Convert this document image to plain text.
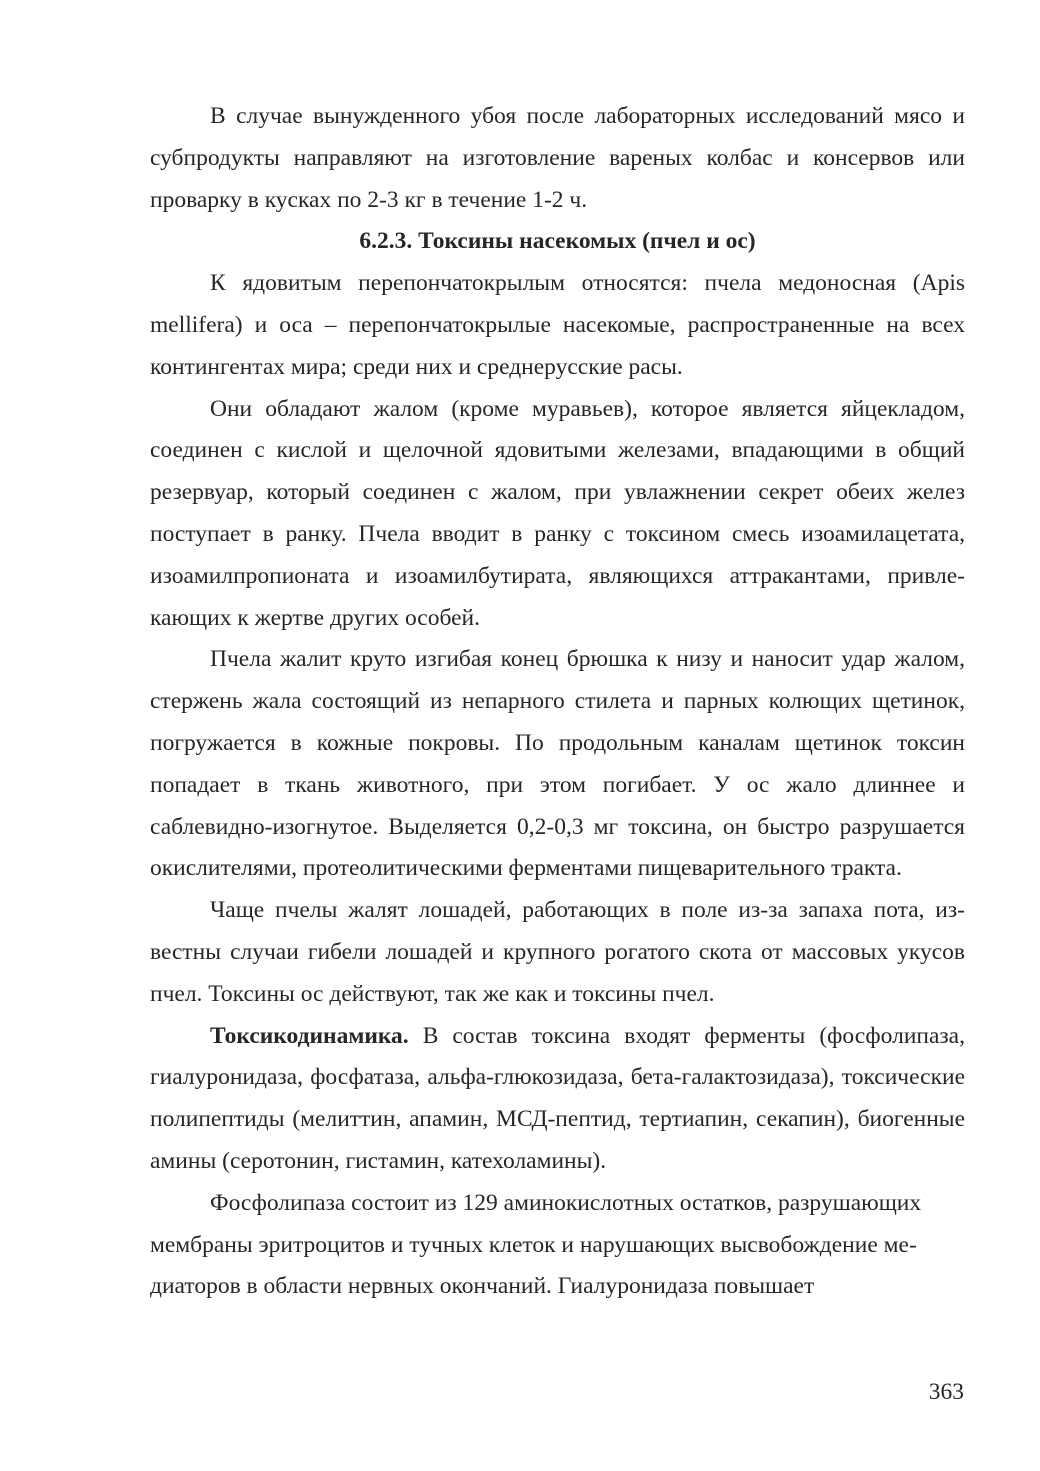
В случае вынужденного убоя после лабораторных исследований мясо и субпродукты направляют на изготовление вареных колбас и консервов или проварку в кусках по 2-3 кг в течение 1-2 ч.

6.2.3. Токсины насекомых (пчел и ос)

К ядовитым перепончатокрылым относятся: пчела медоносная (Apis mellifera) и оса – перепончатокрылые насекомые, распространенные на всех контингентах мира; среди них и среднерусские расы.

Они обладают жалом (кроме муравьев), которое является яйцекладом, соединен с кислой и щелочной ядовитыми железами, впадающими в общий резервуар, который соединен с жалом, при увлажнении секрет обеих желез поступает в ранку. Пчела вводит в ранку с токсином смесь изоамилацетата, изоамилпропионата и изоамилбутирата, являющихся аттракантами, привлекающих к жертве других особей.

Пчела жалит круто изгибая конец брюшка к низу и наносит удар жалом, стержень жала состоящий из непарного стилета и парных колющих щетинок, погружается в кожные покровы. По продольным каналам щетинок токсин попадает в ткань животного, при этом погибает. У ос жало длиннее и саблевидно-изогнутое. Выделяется 0,2-0,3 мг токсина, он быстро разрушается окислителями, протеолитическими ферментами пищеварительного тракта.

Чаще пчелы жалят лошадей, работающих в поле из-за запаха пота, известны случаи гибели лошадей и крупного рогатого скота от массовых укусов пчел. Токсины ос действуют, так же как и токсины пчел.

Токсикодинамика. В состав токсина входят ферменты (фосфолипаза, гиалуронидаза, фосфатаза, альфа-глюкозидаза, бета-галактозидаза), токсические полипептиды (мелиттин, апамин, МСД-пептид, тертиапин, секапин), биогенные амины (серотонин, гистамин, катехоламины).

Фосфолипаза состоит из 129 аминокислотных остатков, разрушающих мембраны эритроцитов и тучных клеток и нарушающих высвобождение медиаторов в области нервных окончаний. Гиалуронидаза повышает

363
